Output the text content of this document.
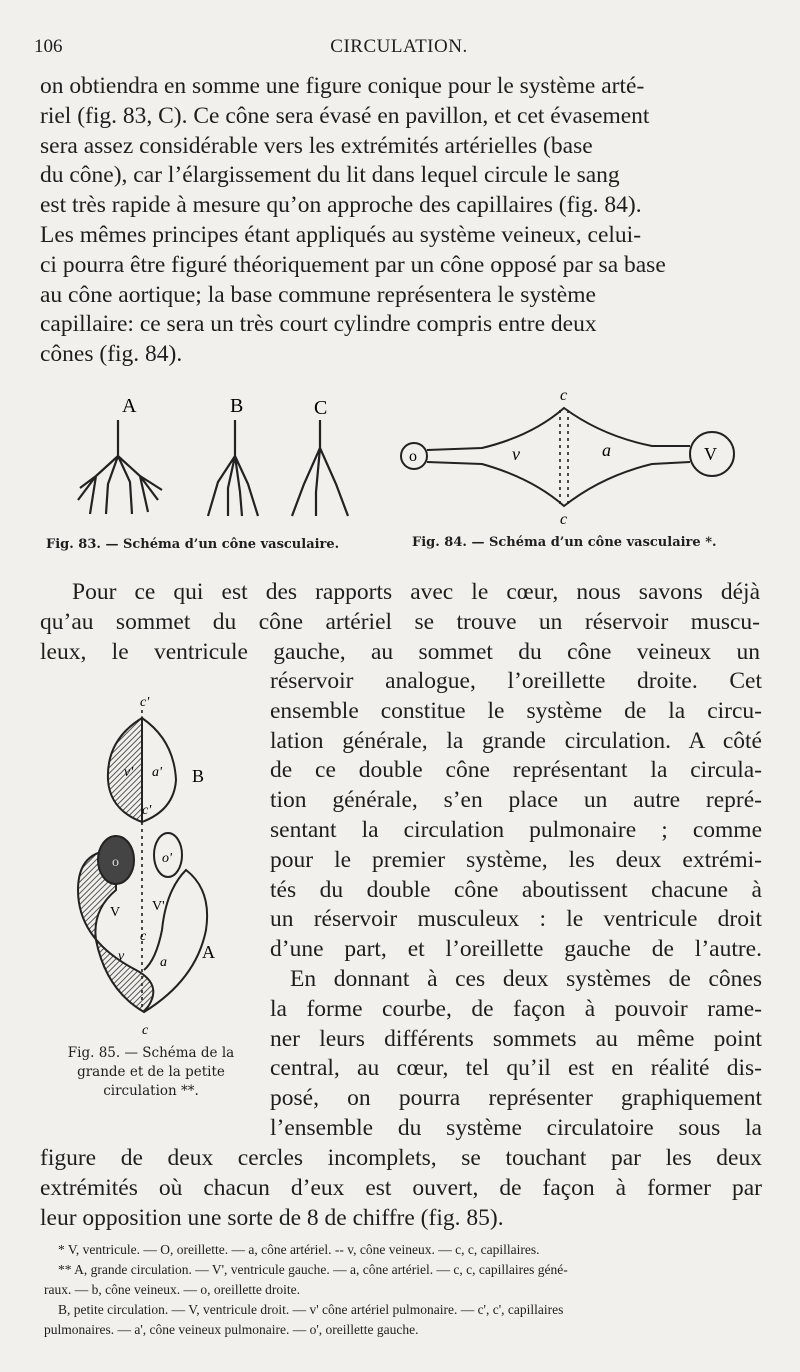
106	CIRCULATION.
on obtiendra en somme une figure conique pour le système arté-
riel (fig. 83, C). Ce cône sera évasé en pavillon, et cet évasement
sera assez considérable vers les extrémités artérielles (base
du cône), car l’élargissement du lit dans lequel circule le sang
est très rapide à mesure qu’on approche des capillaires (fig. 84).
Les mêmes principes étant appliqués au système veineux, celui-
ci pourra être figuré théoriquement par un cône opposé par sa base
au cône aortique; la base commune représentera le système
capillaire: ce sera un très court cylindre compris entre deux
cônes (fig. 84).
A	B	C
Fig. 83. — Schéma d’un cône vasculaire.
o	v	a	V
c
c
Fig. 84. — Schéma d’un cône vasculaire *.
Pour ce qui est des rapports avec le cœur, nous savons déjà
qu’au sommet du cône artériel se trouve un réservoir muscu-
leux, le ventricule gauche, au sommet du cône veineux un
c'
v' a' B
c'
o	o'
V V'
c
v	a
A
c
Fig. 85. — Schéma de la grande et de la petite circulation **.
réservoir analogue, l’oreillette droite. Cet
ensemble constitue le système de la circu-
lation générale, la grande circulation. A côté
de ce double cône représentant la circula-
tion générale, s’en place un autre repré-
sentant la circulation pulmonaire ; comme
pour le premier système, les deux extrémi-
tés du double cône aboutissent chacune à
un réservoir musculeux : le ventricule droit
d’une part, et l’oreillette gauche de l’autre.
En donnant à ces deux systèmes de cônes
la forme courbe, de façon à pouvoir rame-
ner leurs différents sommets au même point
central, au cœur, tel qu’il est en réalité dis-
posé, on pourra représenter graphiquement
l’ensemble du système circulatoire sous la
figure de deux cercles incomplets, se touchant par les deux
extrémités où chacun d’eux est ouvert, de façon à former par
leur opposition une sorte de 8 de chiffre (fig. 85).
* V, ventricule. — O, oreillette. — a, cône artériel. -- v, cône veineux. — c, c, capillaires.
** A, grande circulation. — V', ventricule gauche. — a, cône artériel. — c, c, capillaires géné-
raux. — b, cône veineux. — o, oreillette droite.
B, petite circulation. — V, ventricule droit. — v' cône artériel pulmonaire. — c', c', capillaires
pulmonaires. — a', cône veineux pulmonaire. — o', oreillette gauche.
